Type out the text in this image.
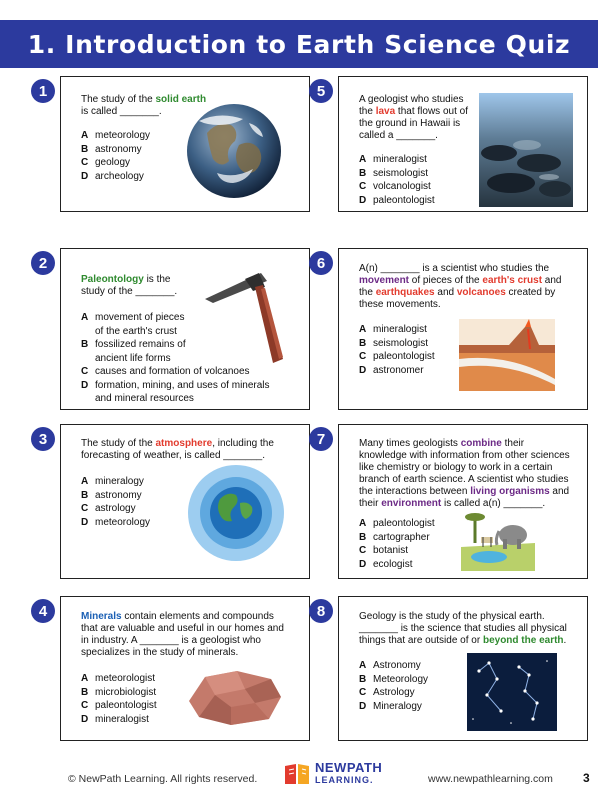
1. Introduction to Earth Science Quiz
The study of the solid earth
is called _______.
A meteorology
B astronomy
C geology
D archeology
1
Paleontology is the
study of the _______.
A movement of pieces
of the earth's crust
B fossilized remains of
ancient life forms
C causes and formation of volcanoes
D formation, mining, and uses of minerals
and mineral resources
2
The study of the atmosphere, including the
forecasting of weather, is called _______.
A mineralogy
B astronomy
C astrology
D meteorology
3
Minerals contain elements and compounds
that are valuable and useful in our homes and
in industry. A _______ is a geologist who
specializes in the study of minerals.
A meteorologist
B microbiologist
C paleontologist
D mineralogist
4
A geologist who studies
the lava that flows out of
the ground in Hawaii is
called a _______.
A mineralogist
B seismologist
C volcanologist
D paleontologist
5
A(n) _______ is a scientist who studies the
movement of pieces of the earth's crust and
the earthquakes and volcanoes created by
these movements.
A mineralogist
B seismologist
C paleontologist
D astronomer
6
Many times geologists combine their
knowledge with information from other sciences
like chemistry or biology to work in a certain
branch of earth science. A scientist who studies
the interactions between living organisms and
their environment is called a(n) _______.
A paleontologist
B cartographer
C botanist
D ecologist
7
Geology is the study of the physical earth.
_______ is the science that studies all physical
things that are outside of or beyond the earth.
A Astronomy
B Meteorology
C Astrology
D Mineralogy
8
© NewPath Learning. All rights reserved.
NEWPATH
LEARNING.	www.newpathlearning.com	3
